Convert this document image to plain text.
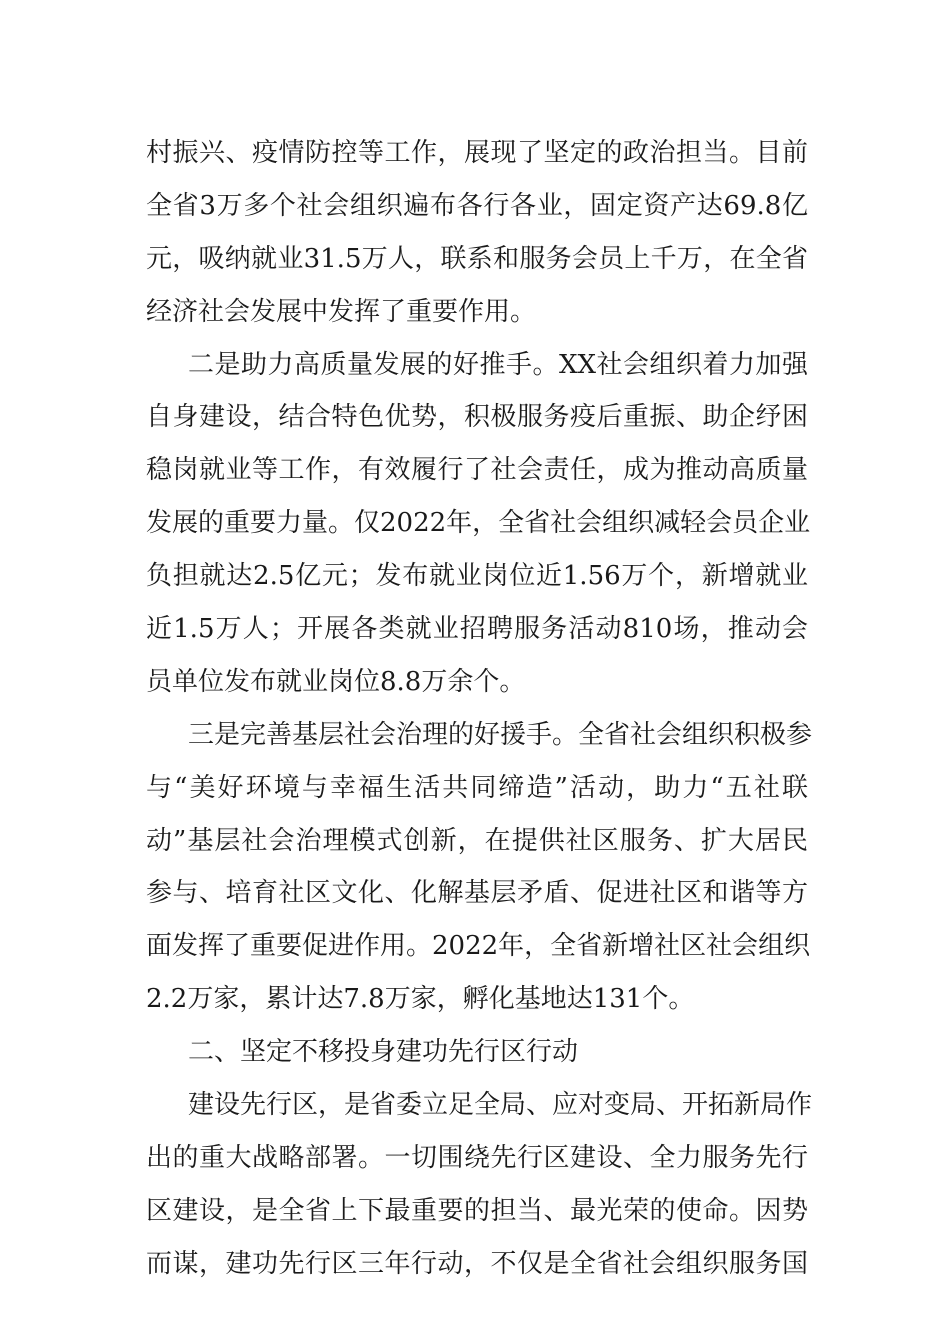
村振兴、疫情防控等工作，展现了坚定的政治担当。目前
全省3万多个社会组织遍布各行各业，固定资产达69.8亿
元，吸纳就业31.5万人，联系和服务会员上千万，在全省
经济社会发展中发挥了重要作用。
二是助力高质量发展的好推手。XX社会组织着力加强
自身建设，结合特色优势，积极服务疫后重振、助企纾困
稳岗就业等工作，有效履行了社会责任，成为推动高质量
发展的重要力量。仅2022年，全省社会组织减轻会员企业
负担就达2.5亿元；发布就业岗位近1.56万个，新增就业
近1.5万人；开展各类就业招聘服务活动810场，推动会
员单位发布就业岗位8.8万余个。
三是完善基层社会治理的好援手。全省社会组织积极参
与“美好环境与幸福生活共同缔造”活动，助力“五社联
动”基层社会治理模式创新，在提供社区服务、扩大居民
参与、培育社区文化、化解基层矛盾、促进社区和谐等方
面发挥了重要促进作用。2022年，全省新增社区社会组织
2.2万家，累计达7.8万家，孵化基地达131个。
二、坚定不移投身建功先行区行动
建设先行区，是省委立足全局、应对变局、开拓新局作
出的重大战略部署。一切围绕先行区建设、全力服务先行
区建设，是全省上下最重要的担当、最光荣的使命。因势
而谋，建功先行区三年行动，不仅是全省社会组织服务国
